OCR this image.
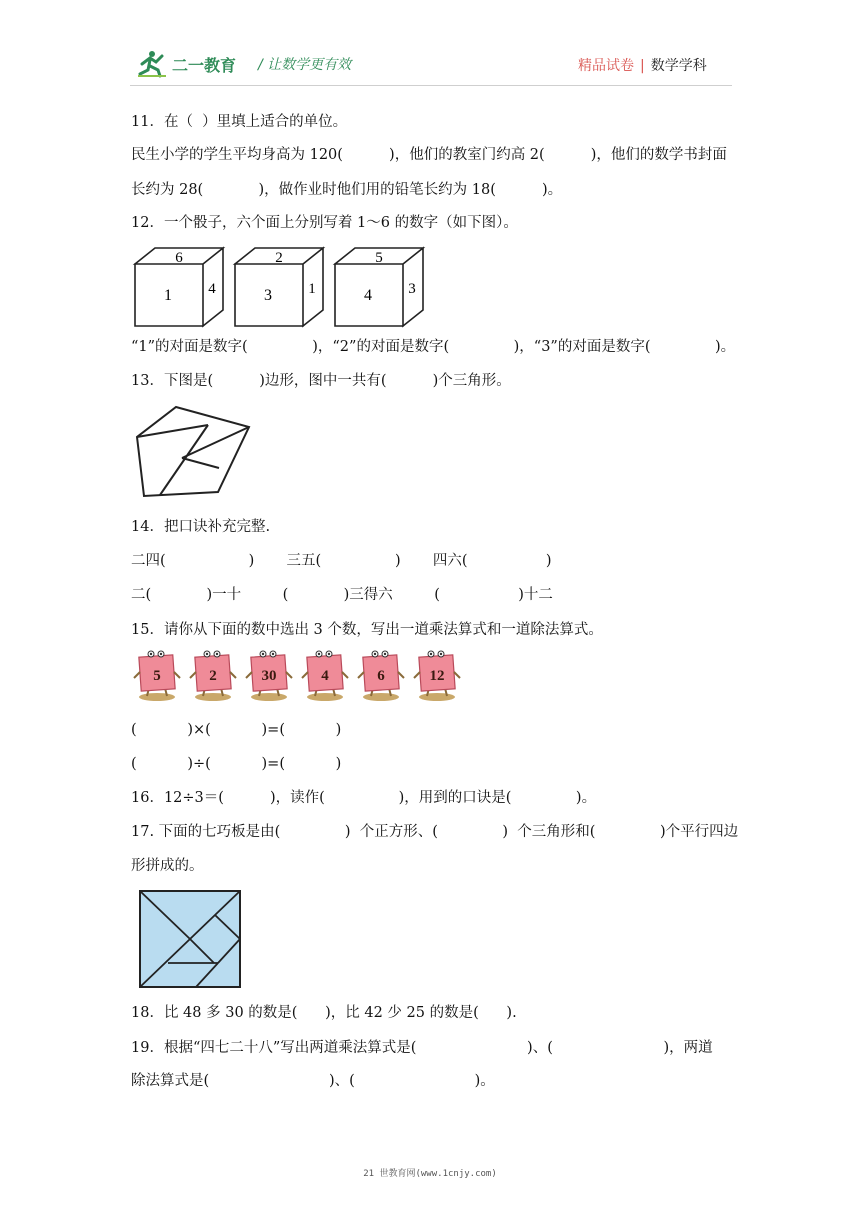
二一教育 / 让数学更有效	精品试卷 | 数学学科
11．在（  ）里填上适合的单位。
民生小学的学生平均身高为 120(          )，他们的教室门约高 2(          )，他们的数学书封面
长约为 28(            )，做作业时他们用的铅笔长约为 18(          )。
12．一个骰子，六个面上分别写着 1～6 的数字（如下图）。
6
1 4
2
3 1
5
4 3
“1”的对面是数字(              )，“2”的对面是数字(              )，“3”的对面是数字(              )。
13．下图是(          )边形，图中一共有(          )个三角形。
14．把口诀补充完整.
二四(                  )       三五(                )       四六(                 )
二(            )一十         (            )三得六         (                 )十二
15．请你从下面的数中选出 3 个数，写出一道乘法算式和一道除法算式。
5	2	30	4	6	12
(           )×(           )=(           )
(           )÷(           )=(           )
16．12÷3＝(          )，读作(                )，用到的口诀是(              )。
17. 下面的七巧板是由(              )  个正方形、(              )  个三角形和(              )个平行四边
形拼成的。
18．比 48 多 30 的数是(      )，比 42 少 25 的数是(      ).
19．根据“四七二十八”写出两道乘法算式是(                        )、(                        )，两道
除法算式是(                          )、(                          )。
21 世教育网(www.1cnjy.com)
